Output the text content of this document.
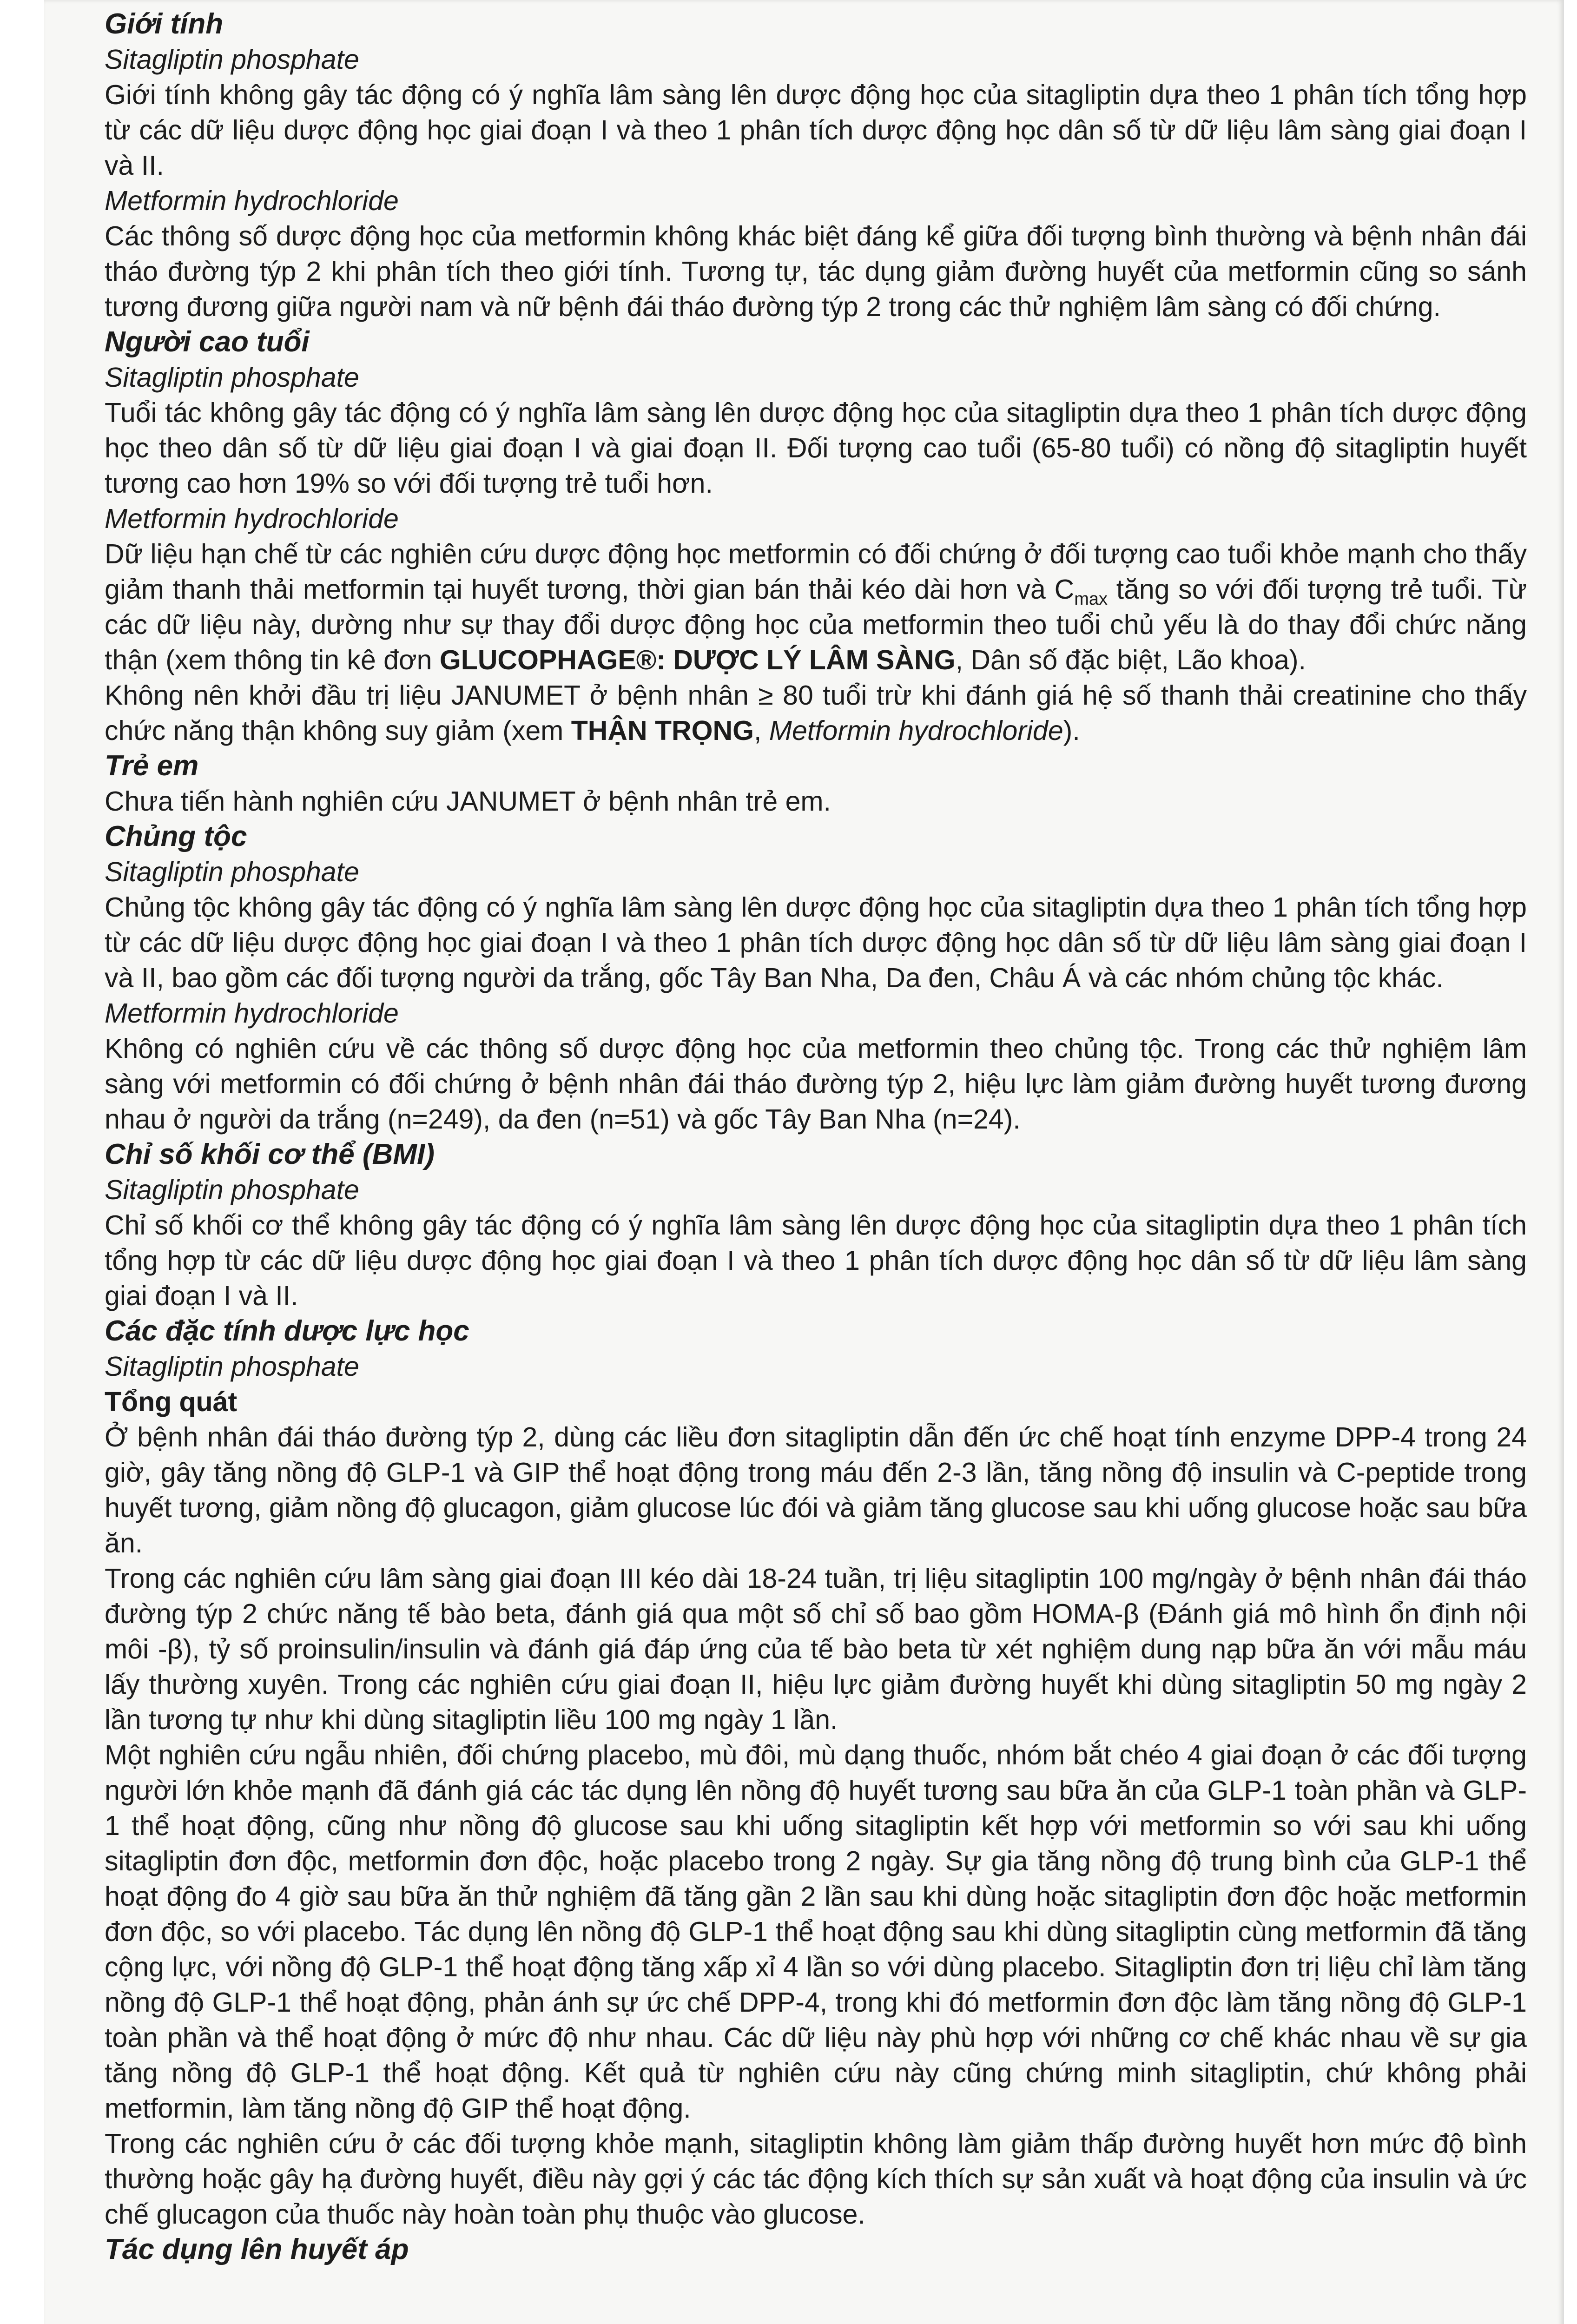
Giới tính

Sitagliptin phosphate

Giới tính không gây tác động có ý nghĩa lâm sàng lên dược động học của sitagliptin dựa theo 1 phân tích tổng hợp từ các dữ liệu dược động học giai đoạn I và theo 1 phân tích dược động học dân số từ dữ liệu lâm sàng giai đoạn I và II.

Metformin hydrochloride

Các thông số dược động học của metformin không khác biệt đáng kể giữa đối tượng bình thường và bệnh nhân đái tháo đường týp 2 khi phân tích theo giới tính. Tương tự, tác dụng giảm đường huyết của metformin cũng so sánh tương đương giữa người nam và nữ bệnh đái tháo đường týp 2 trong các thử nghiệm lâm sàng có đối chứng.

Người cao tuổi

Sitagliptin phosphate

Tuổi tác không gây tác động có ý nghĩa lâm sàng lên dược động học của sitagliptin dựa theo 1 phân tích dược động học theo dân số từ dữ liệu giai đoạn I và giai đoạn II. Đối tượng cao tuổi (65-80 tuổi) có nồng độ sitagliptin huyết tương cao hơn 19% so với đối tượng trẻ tuổi hơn.

Metformin hydrochloride

Dữ liệu hạn chế từ các nghiên cứu dược động học metformin có đối chứng ở đối tượng cao tuổi khỏe mạnh cho thấy giảm thanh thải metformin tại huyết tương, thời gian bán thải kéo dài hơn và $C_{max}$ tăng so với đối tượng trẻ tuổi. Từ các dữ liệu này, dường như sự thay đổi dược động học của metformin theo tuổi chủ yếu là do thay đổi chức năng thận (xem thông tin kê đơn GLUCOPHAGE®: DƯỢC LÝ LÂM SÀNG, Dân số đặc biệt, Lão khoa).

Không nên khởi đầu trị liệu JANUMET ở bệnh nhân ≥ 80 tuổi trừ khi đánh giá hệ số thanh thải creatinine cho thấy chức năng thận không suy giảm (xem THẬN TRỌNG, Metformin hydrochloride).

Trẻ em

Chưa tiến hành nghiên cứu JANUMET ở bệnh nhân trẻ em.

Chủng tộc

Sitagliptin phosphate

Chủng tộc không gây tác động có ý nghĩa lâm sàng lên dược động học của sitagliptin dựa theo 1 phân tích tổng hợp từ các dữ liệu dược động học giai đoạn I và theo 1 phân tích dược động học dân số từ dữ liệu lâm sàng giai đoạn I và II, bao gồm các đối tượng người da trắng, gốc Tây Ban Nha, Da đen, Châu Á và các nhóm chủng tộc khác.

Metformin hydrochloride

Không có nghiên cứu về các thông số dược động học của metformin theo chủng tộc. Trong các thử nghiệm lâm sàng với metformin có đối chứng ở bệnh nhân đái tháo đường týp 2, hiệu lực làm giảm đường huyết tương đương nhau ở người da trắng (n=249), da đen (n=51) và gốc Tây Ban Nha (n=24).

Chỉ số khối cơ thể (BMI)

Sitagliptin phosphate

Chỉ số khối cơ thể không gây tác động có ý nghĩa lâm sàng lên dược động học của sitagliptin dựa theo 1 phân tích tổng hợp từ các dữ liệu dược động học giai đoạn I và theo 1 phân tích dược động học dân số từ dữ liệu lâm sàng giai đoạn I và II.

Các đặc tính dược lực học

Sitagliptin phosphate

Tổng quát

Ở bệnh nhân đái tháo đường týp 2, dùng các liều đơn sitagliptin dẫn đến ức chế hoạt tính enzyme DPP-4 trong 24 giờ, gây tăng nồng độ GLP-1 và GIP thể hoạt động trong máu đến 2-3 lần, tăng nồng độ insulin và C-peptide trong huyết tương, giảm nồng độ glucagon, giảm glucose lúc đói và giảm tăng glucose sau khi uống glucose hoặc sau bữa ăn.

Trong các nghiên cứu lâm sàng giai đoạn III kéo dài 18-24 tuần, trị liệu sitagliptin 100 mg/ngày ở bệnh nhân đái tháo đường týp 2 chức năng tế bào beta, đánh giá qua một số chỉ số bao gồm HOMA-β (Đánh giá mô hình ổn định nội môi -β), tỷ số proinsulin/insulin và đánh giá đáp ứng của tế bào beta từ xét nghiệm dung nạp bữa ăn với mẫu máu lấy thường xuyên. Trong các nghiên cứu giai đoạn II, hiệu lực giảm đường huyết khi dùng sitagliptin 50 mg ngày 2 lần tương tự như khi dùng sitagliptin liều 100 mg ngày 1 lần.

Một nghiên cứu ngẫu nhiên, đối chứng placebo, mù đôi, mù dạng thuốc, nhóm bắt chéo 4 giai đoạn ở các đối tượng người lớn khỏe mạnh đã đánh giá các tác dụng lên nồng độ huyết tương sau bữa ăn của GLP-1 toàn phần và GLP-1 thể hoạt động, cũng như nồng độ glucose sau khi uống sitagliptin kết hợp với metformin so với sau khi uống sitagliptin đơn độc, metformin đơn độc, hoặc placebo trong 2 ngày. Sự gia tăng nồng độ trung bình của GLP-1 thể hoạt động đo 4 giờ sau bữa ăn thử nghiệm đã tăng gần 2 lần sau khi dùng hoặc sitagliptin đơn độc hoặc metformin đơn độc, so với placebo. Tác dụng lên nồng độ GLP-1 thể hoạt động sau khi dùng sitagliptin cùng metformin đã tăng cộng lực, với nồng độ GLP-1 thể hoạt động tăng xấp xỉ 4 lần so với dùng placebo. Sitagliptin đơn trị liệu chỉ làm tăng nồng độ GLP-1 thể hoạt động, phản ánh sự ức chế DPP-4, trong khi đó metformin đơn độc làm tăng nồng độ GLP-1 toàn phần và thể hoạt động ở mức độ như nhau. Các dữ liệu này phù hợp với những cơ chế khác nhau về sự gia tăng nồng độ GLP-1 thể hoạt động. Kết quả từ nghiên cứu này cũng chứng minh sitagliptin, chứ không phải metformin, làm tăng nồng độ GIP thể hoạt động.

Trong các nghiên cứu ở các đối tượng khỏe mạnh, sitagliptin không làm giảm thấp đường huyết hơn mức độ bình thường hoặc gây hạ đường huyết, điều này gợi ý các tác động kích thích sự sản xuất và hoạt động của insulin và ức chế glucagon của thuốc này hoàn toàn phụ thuộc vào glucose.

Tác dụng lên huyết áp
